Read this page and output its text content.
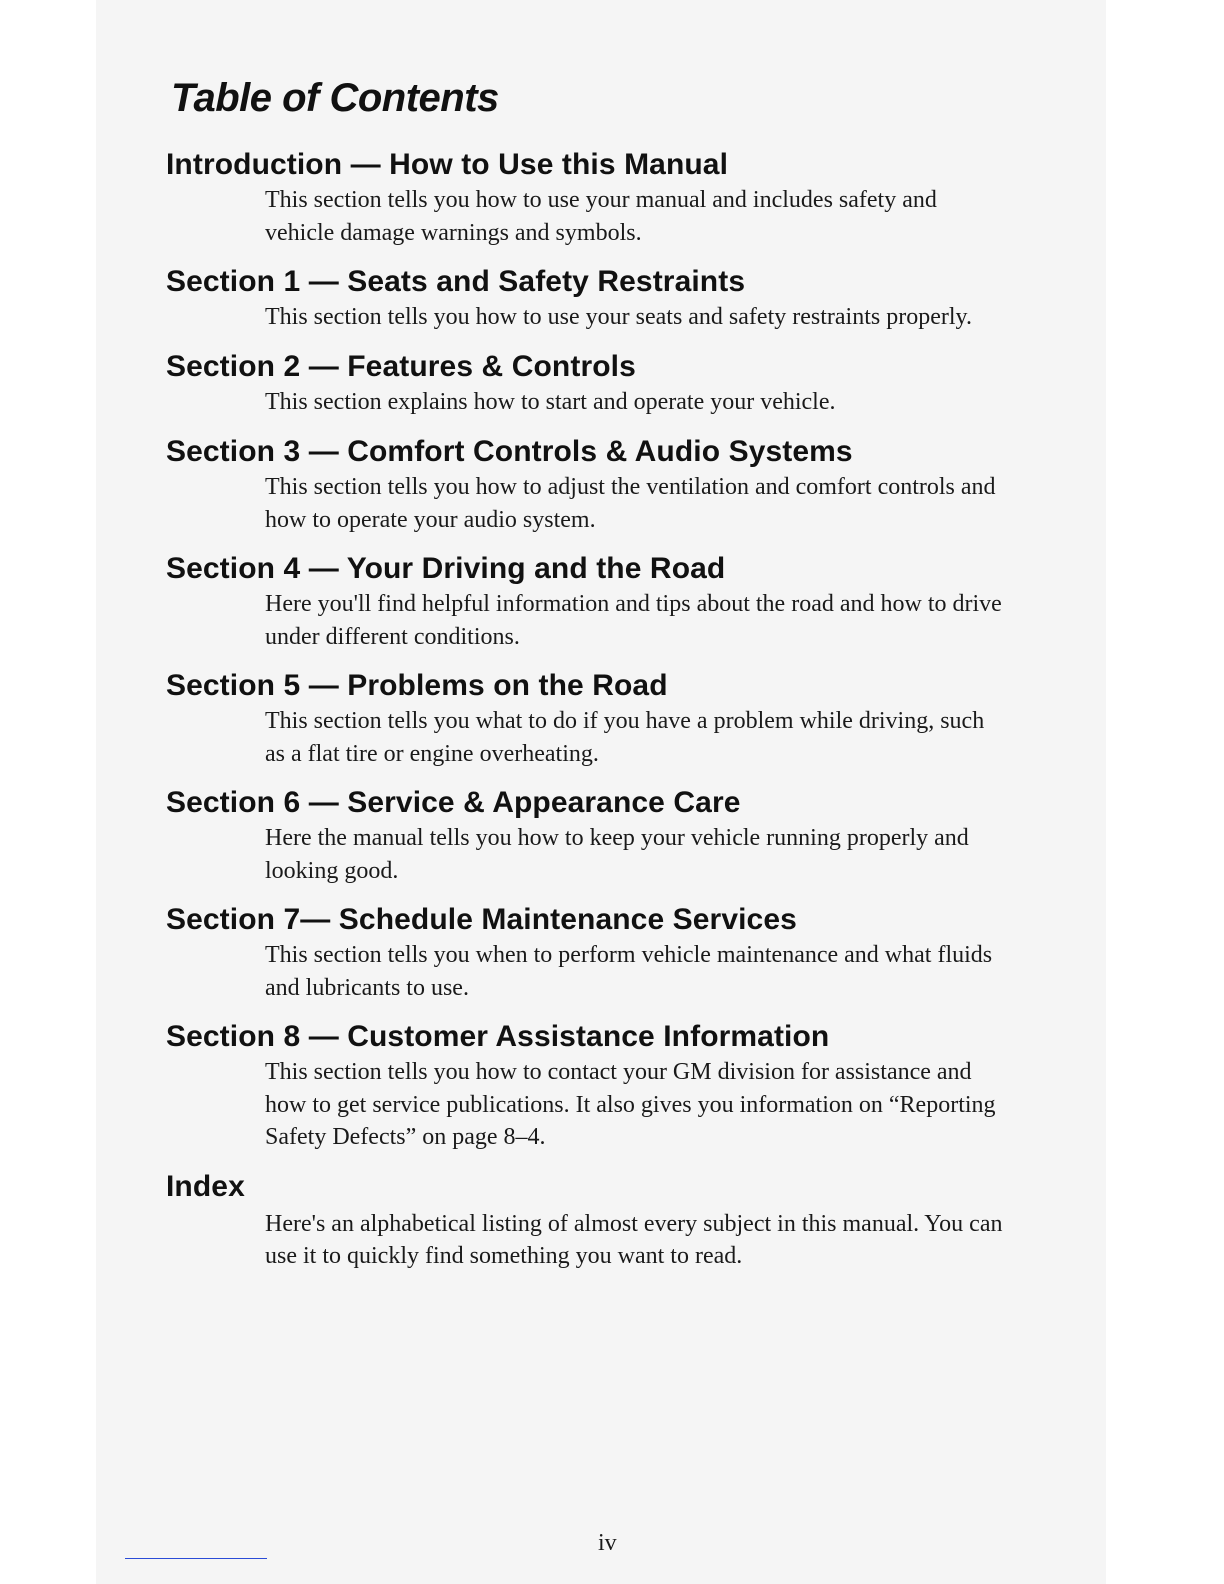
Table of Contents
Introduction — How to Use this Manual

This section tells you how to use your manual and includes safety and vehicle damage warnings and symbols.

Section 1 — Seats and Safety Restraints

This section tells you how to use your seats and safety restraints properly.

Section 2 — Features & Controls

This section explains how to start and operate your vehicle.

Section 3 — Comfort Controls & Audio Systems

This section tells you how to adjust the ventilation and comfort controls and how to operate your audio system.

Section 4 — Your Driving and the Road

Here you'll find helpful information and tips about the road and how to drive under different conditions.

Section 5 — Problems on the Road

This section tells you what to do if you have a problem while driving, such as a flat tire or engine overheating.

Section 6 — Service & Appearance Care

Here the manual tells you how to keep your vehicle running properly and looking good.

Section 7— Schedule Maintenance Services

This section tells you when to perform vehicle maintenance and what fluids and lubricants to use.

Section 8 — Customer Assistance Information

This section tells you how to contact your GM division for assistance and how to get service publications. It also gives you information on “Reporting Safety Defects” on page 8–4.

Index

Here's an alphabetical listing of almost every subject in this manual. You can use it to quickly find something you want to read.

iv
